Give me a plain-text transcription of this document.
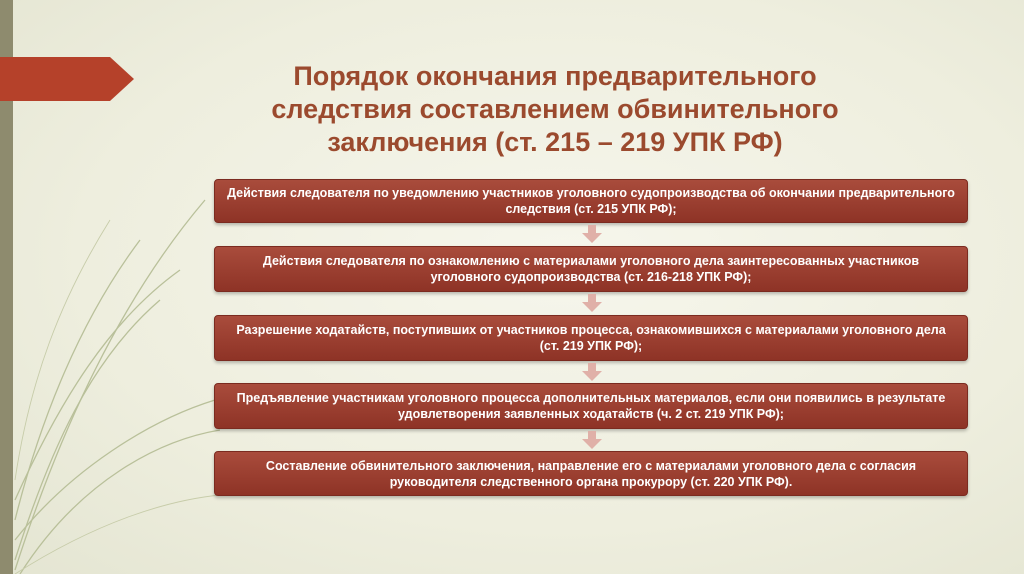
Порядок окончания предварительного следствия составлением обвинительного заключения (ст. 215 – 219 УПК РФ)
Действия следователя по уведомлению участников уголовного судопроизводства об окончании предварительного следствия (ст. 215 УПК РФ);
Действия следователя по ознакомлению с материалами уголовного дела заинтересованных участников уголовного судопроизводства (ст. 216-218 УПК РФ);
Разрешение ходатайств, поступивших от участников процесса, ознакомившихся с материалами уголовного дела (ст. 219 УПК РФ);
Предъявление участникам уголовного процесса дополнительных материалов, если они появились в результате удовлетворения заявленных ходатайств (ч. 2 ст. 219 УПК РФ);
Составление обвинительного заключения, направление его с материалами уголовного дела с согласия руководителя следственного органа прокурору (ст. 220 УПК РФ).
